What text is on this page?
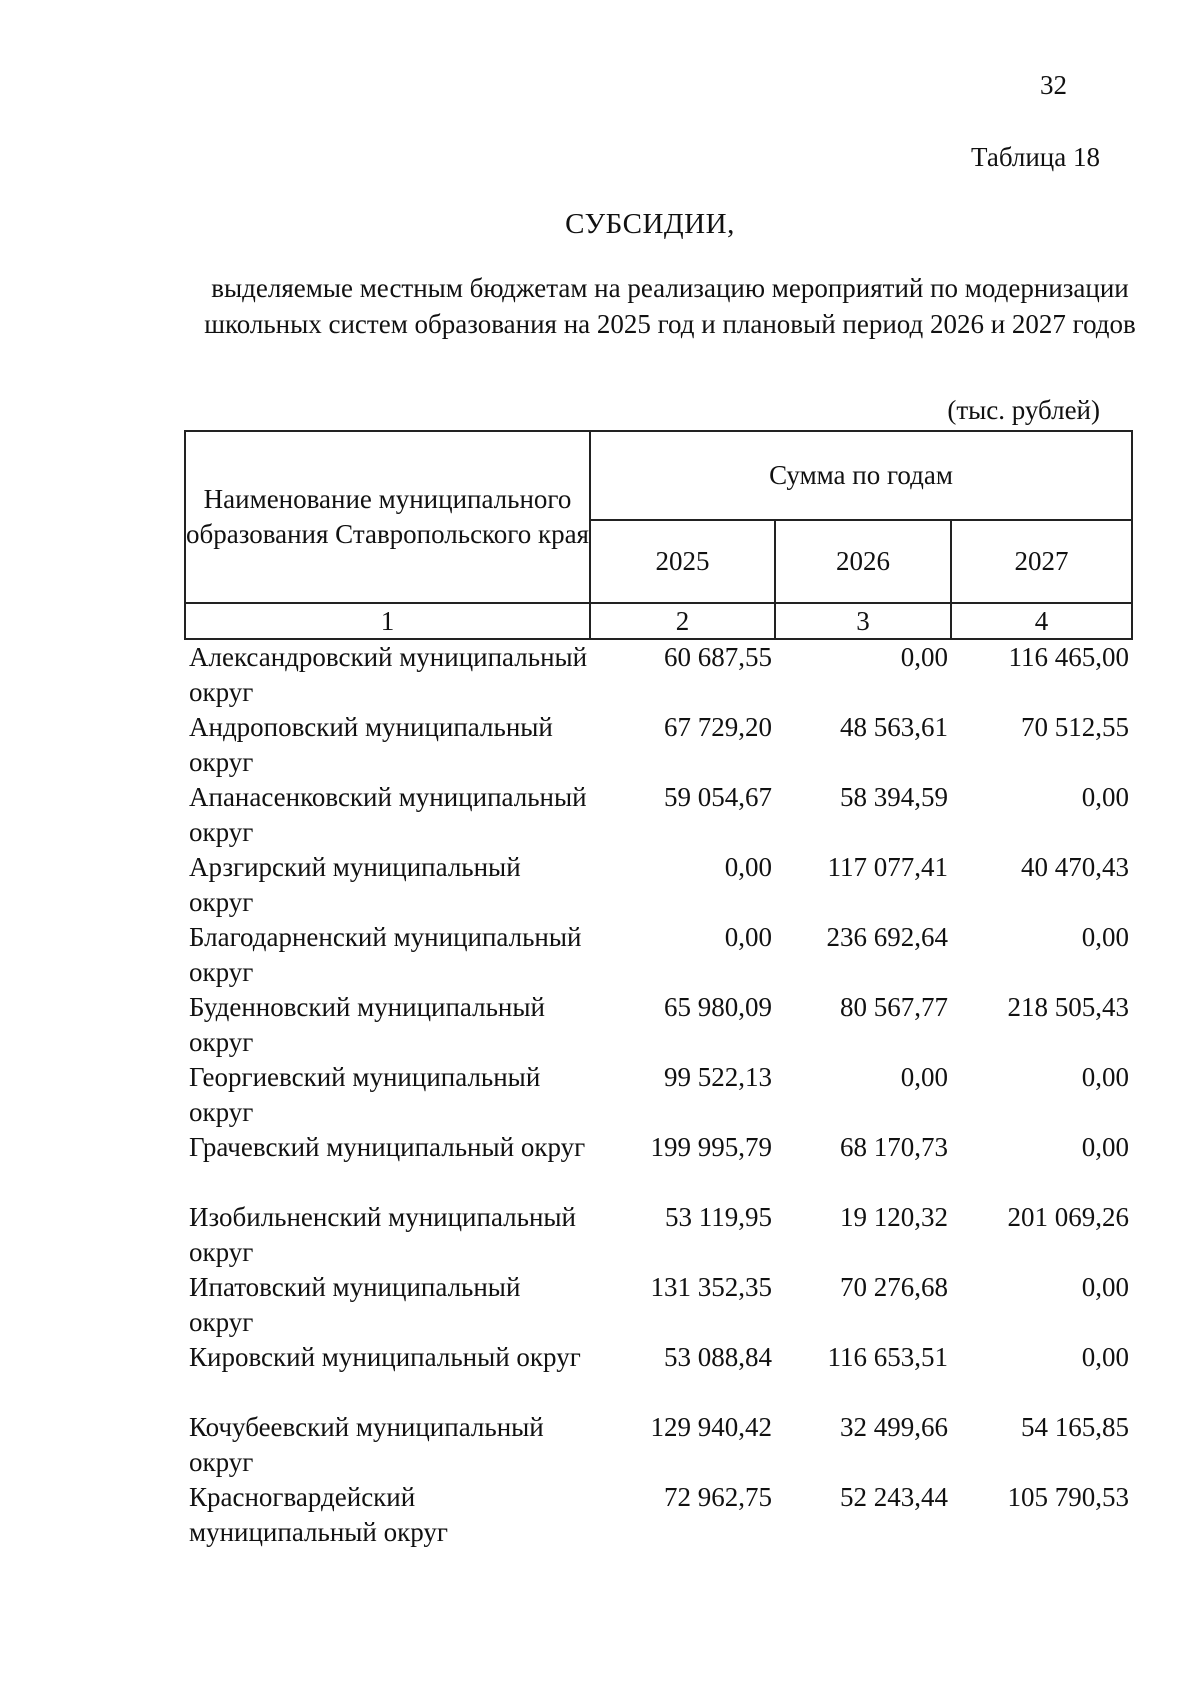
32
Таблица 18
СУБСИДИИ,
выделяемые местным бюджетам на реализацию мероприятий по модернизации школьных систем образования на 2025 год и плановый период 2026 и 2027 годов
(тыс. рублей)
Наименование муниципального образования Ставропольского края	Сумма по годам		
	2025	2026	2027
1	2	3	4
Александровский муниципальный округ	60 687,55	0,00	116 465,00
Андроповский муниципальный округ	67 729,20	48 563,61	70 512,55
Апанасенковский муниципальный округ	59 054,67	58 394,59	0,00
Арзгирский муниципальный округ	0,00	117 077,41	40 470,43
Благодарненский муниципальный округ	0,00	236 692,64	0,00
Буденновский муниципальный округ	65 980,09	80 567,77	218 505,43
Георгиевский муниципальный округ	99 522,13	0,00	0,00
Грачевский муниципальный округ	199 995,79	68 170,73	0,00
Изобильненский муниципальный округ	53 119,95	19 120,32	201 069,26
Ипатовский муниципальный округ	131 352,35	70 276,68	0,00
Кировский муниципальный округ	53 088,84	116 653,51	0,00
Кочубеевский муниципальный округ	129 940,42	32 499,66	54 165,85
Красногвардейский муниципальный округ	72 962,75	52 243,44	105 790,53
